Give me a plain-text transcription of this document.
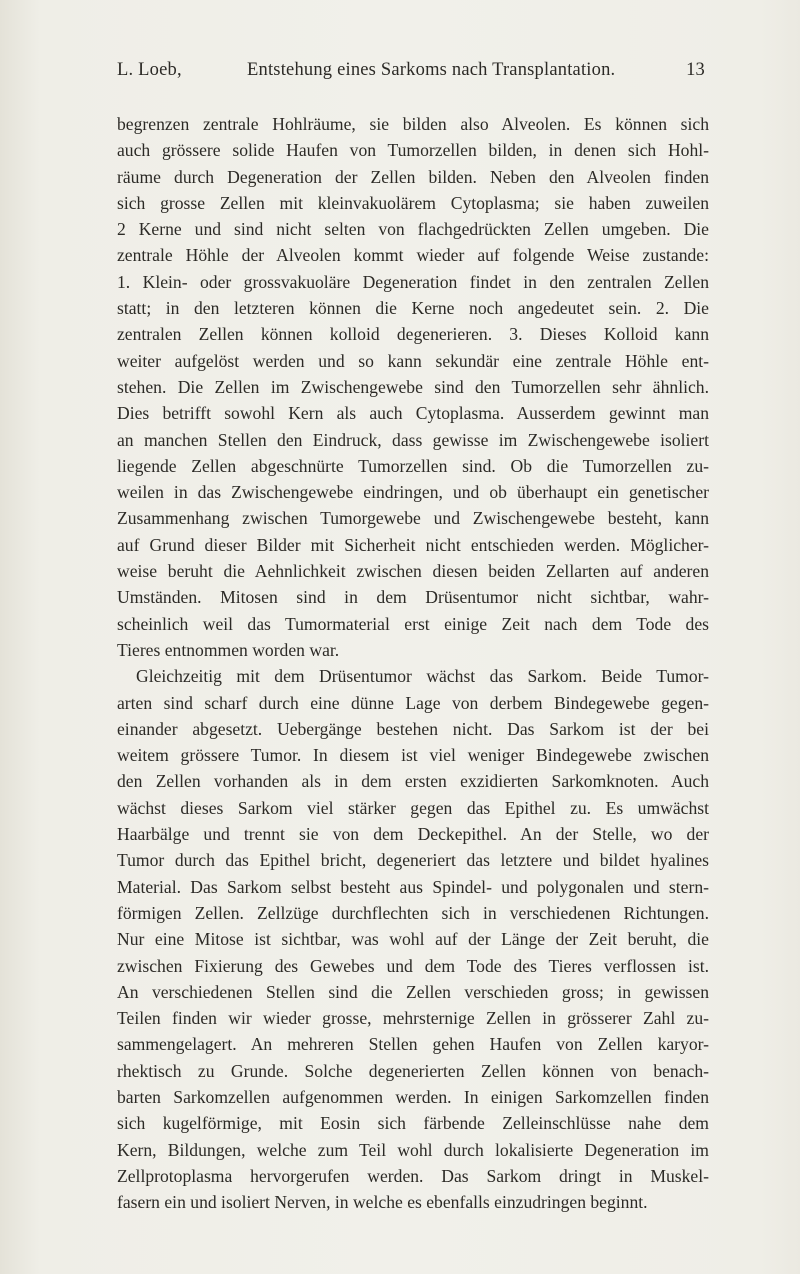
L. Loeb,	Entstehung eines Sarkoms nach Transplantation.	13
begrenzen zentrale Hohlräume, sie bilden also Alveolen. Es können sich
auch grössere solide Haufen von Tumorzellen bilden, in denen sich Hohl-
räume durch Degeneration der Zellen bilden. Neben den Alveolen finden
sich grosse Zellen mit kleinvakuolärem Cytoplasma; sie haben zuweilen
2 Kerne und sind nicht selten von flachgedrückten Zellen umgeben. Die
zentrale Höhle der Alveolen kommt wieder auf folgende Weise zustande:
1. Klein- oder grossvakuoläre Degeneration findet in den zentralen Zellen
statt; in den letzteren können die Kerne noch angedeutet sein. 2. Die
zentralen Zellen können kolloid degenerieren. 3. Dieses Kolloid kann
weiter aufgelöst werden und so kann sekundär eine zentrale Höhle ent-
stehen. Die Zellen im Zwischengewebe sind den Tumorzellen sehr ähnlich.
Dies betrifft sowohl Kern als auch Cytoplasma. Ausserdem gewinnt man
an manchen Stellen den Eindruck, dass gewisse im Zwischengewebe isoliert
liegende Zellen abgeschnürte Tumorzellen sind. Ob die Tumorzellen zu-
weilen in das Zwischengewebe eindringen, und ob überhaupt ein genetischer
Zusammenhang zwischen Tumorgewebe und Zwischengewebe besteht, kann
auf Grund dieser Bilder mit Sicherheit nicht entschieden werden. Möglicher-
weise beruht die Aehnlichkeit zwischen diesen beiden Zellarten auf anderen
Umständen. Mitosen sind in dem Drüsentumor nicht sichtbar, wahr-
scheinlich weil das Tumormaterial erst einige Zeit nach dem Tode des
Tieres entnommen worden war.
Gleichzeitig mit dem Drüsentumor wächst das Sarkom. Beide Tumor-
arten sind scharf durch eine dünne Lage von derbem Bindegewebe gegen-
einander abgesetzt. Uebergänge bestehen nicht. Das Sarkom ist der bei
weitem grössere Tumor. In diesem ist viel weniger Bindegewebe zwischen
den Zellen vorhanden als in dem ersten exzidierten Sarkomknoten. Auch
wächst dieses Sarkom viel stärker gegen das Epithel zu. Es umwächst
Haarbälge und trennt sie von dem Deckepithel. An der Stelle, wo der
Tumor durch das Epithel bricht, degeneriert das letztere und bildet hyalines
Material. Das Sarkom selbst besteht aus Spindel- und polygonalen und stern-
förmigen Zellen. Zellzüge durchflechten sich in verschiedenen Richtungen.
Nur eine Mitose ist sichtbar, was wohl auf der Länge der Zeit beruht, die
zwischen Fixierung des Gewebes und dem Tode des Tieres verflossen ist.
An verschiedenen Stellen sind die Zellen verschieden gross; in gewissen
Teilen finden wir wieder grosse, mehrsternige Zellen in grösserer Zahl zu-
sammengelagert. An mehreren Stellen gehen Haufen von Zellen karyor-
rhektisch zu Grunde. Solche degenerierten Zellen können von benach-
barten Sarkomzellen aufgenommen werden. In einigen Sarkomzellen finden
sich kugelförmige, mit Eosin sich färbende Zelleinschlüsse nahe dem
Kern, Bildungen, welche zum Teil wohl durch lokalisierte Degeneration im
Zellprotoplasma hervorgerufen werden. Das Sarkom dringt in Muskel-
fasern ein und isoliert Nerven, in welche es ebenfalls einzudringen beginnt.
